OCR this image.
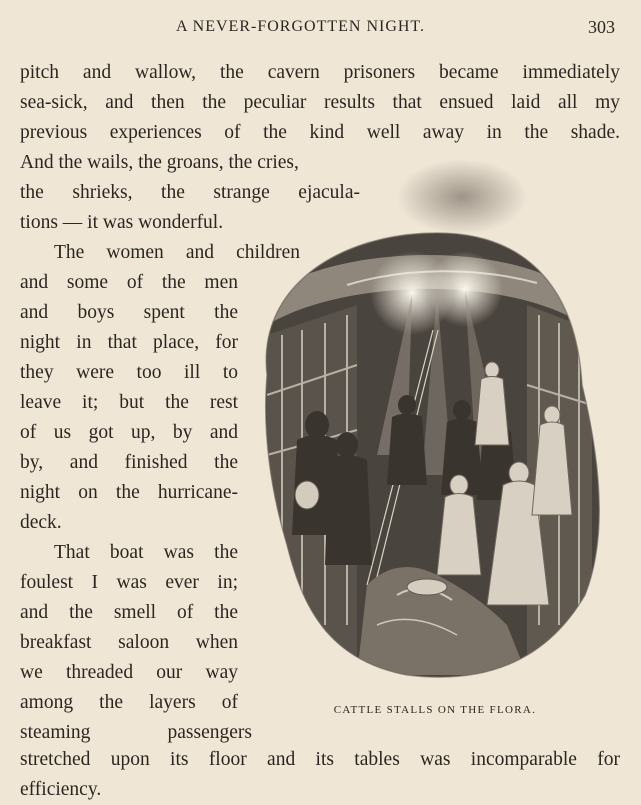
A NEVER-FORGOTTEN NIGHT.	303
pitch and wallow, the cavern prisoners became immediately
sea-sick, and then the peculiar results that ensued laid all my
previous experiences of the kind well away in the shade.
And the wails, the groans, the cries,
the shrieks, the strange ejacula-
tions — it was wonderful.
The women and children
and some of the men
and boys spent the
night in that place, for
they were too ill to
leave it; but the rest
of us got up, by and
by, and finished the
night on the hurricane-
deck.
That boat was the
foulest I was ever in;
and the smell of the
breakfast saloon when
we threaded our way
among the layers of
steaming passengers
stretched upon its floor and its tables was incomparable for
efficiency.
CATTLE STALLS ON THE FLORA.
